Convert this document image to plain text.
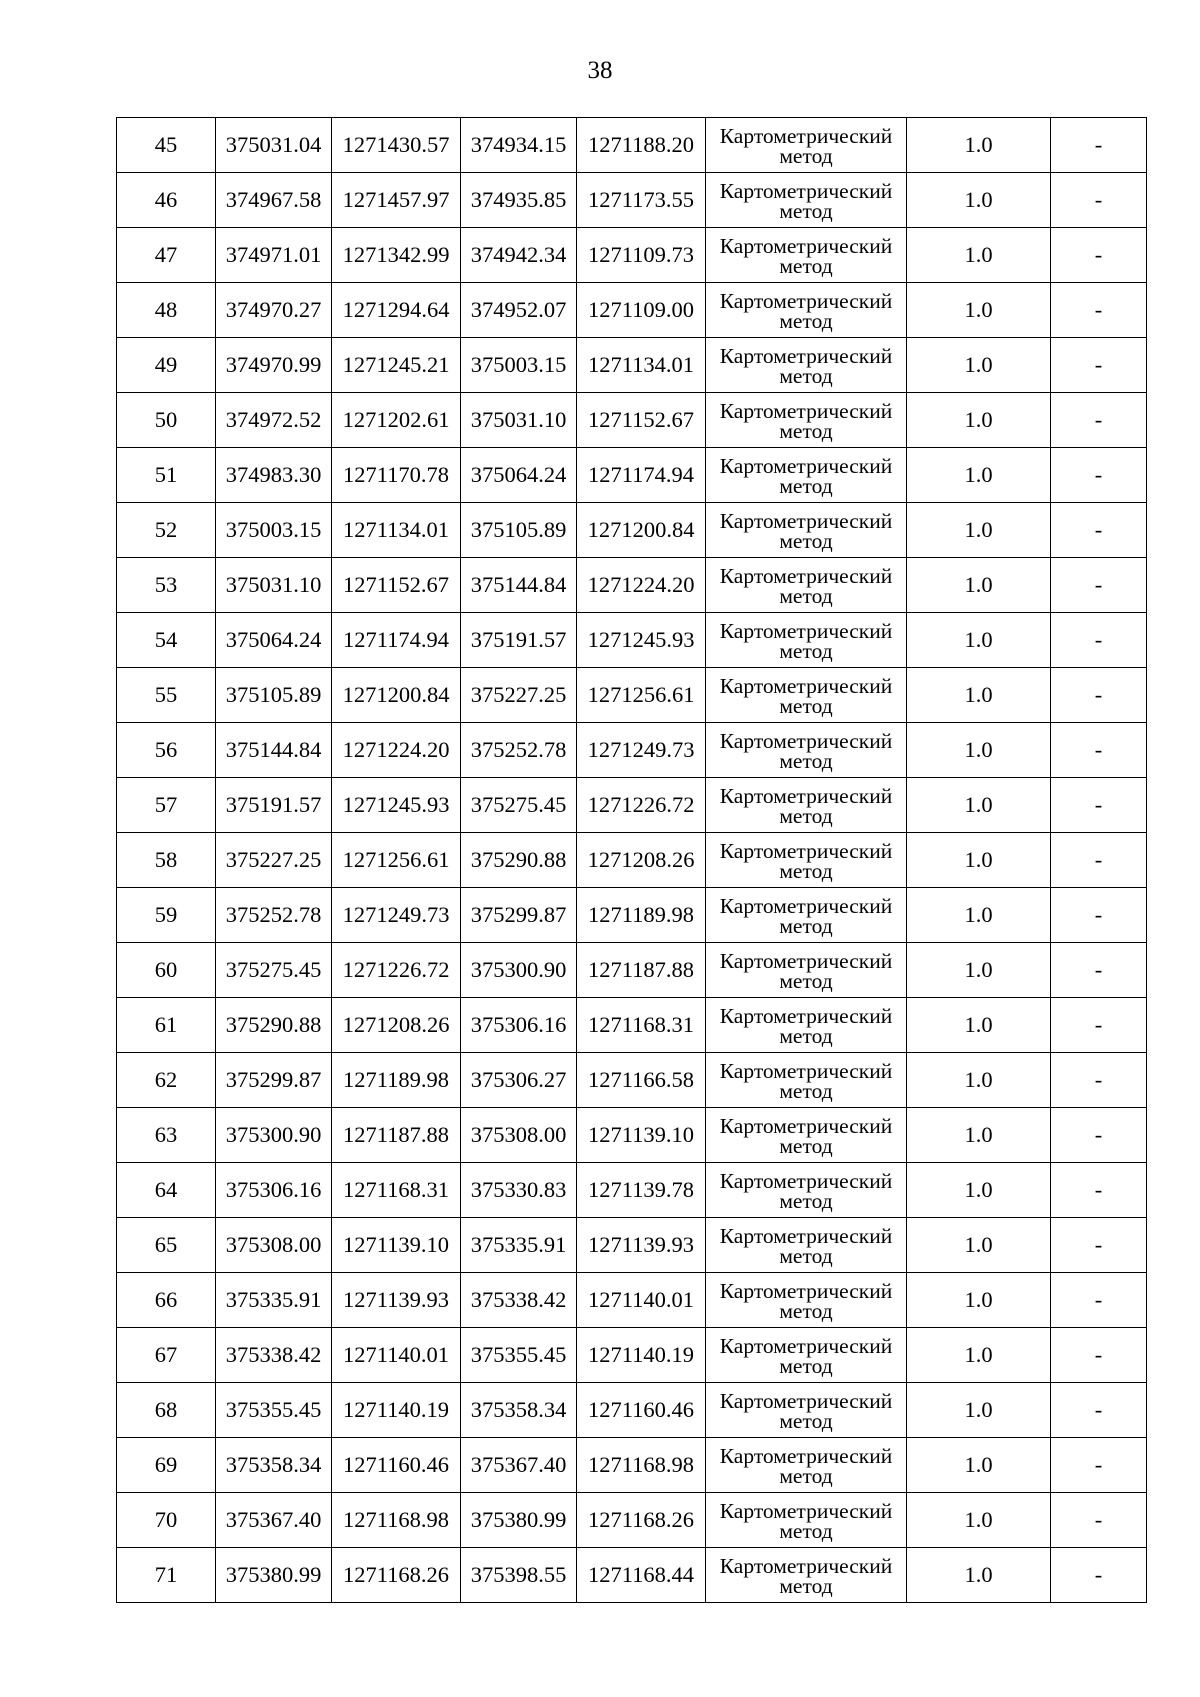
38
45	375031.04	1271430.57	374934.15	1271188.20	Картометрический
метод	1.0	-
46	374967.58	1271457.97	374935.85	1271173.55	Картометрический
метод	1.0	-
47	374971.01	1271342.99	374942.34	1271109.73	Картометрический
метод	1.0	-
48	374970.27	1271294.64	374952.07	1271109.00	Картометрический
метод	1.0	-
49	374970.99	1271245.21	375003.15	1271134.01	Картометрический
метод	1.0	-
50	374972.52	1271202.61	375031.10	1271152.67	Картометрический
метод	1.0	-
51	374983.30	1271170.78	375064.24	1271174.94	Картометрический
метод	1.0	-
52	375003.15	1271134.01	375105.89	1271200.84	Картометрический
метод	1.0	-
53	375031.10	1271152.67	375144.84	1271224.20	Картометрический
метод	1.0	-
54	375064.24	1271174.94	375191.57	1271245.93	Картометрический
метод	1.0	-
55	375105.89	1271200.84	375227.25	1271256.61	Картометрический
метод	1.0	-
56	375144.84	1271224.20	375252.78	1271249.73	Картометрический
метод	1.0	-
57	375191.57	1271245.93	375275.45	1271226.72	Картометрический
метод	1.0	-
58	375227.25	1271256.61	375290.88	1271208.26	Картометрический
метод	1.0	-
59	375252.78	1271249.73	375299.87	1271189.98	Картометрический
метод	1.0	-
60	375275.45	1271226.72	375300.90	1271187.88	Картометрический
метод	1.0	-
61	375290.88	1271208.26	375306.16	1271168.31	Картометрический
метод	1.0	-
62	375299.87	1271189.98	375306.27	1271166.58	Картометрический
метод	1.0	-
63	375300.90	1271187.88	375308.00	1271139.10	Картометрический
метод	1.0	-
64	375306.16	1271168.31	375330.83	1271139.78	Картометрический
метод	1.0	-
65	375308.00	1271139.10	375335.91	1271139.93	Картометрический
метод	1.0	-
66	375335.91	1271139.93	375338.42	1271140.01	Картометрический
метод	1.0	-
67	375338.42	1271140.01	375355.45	1271140.19	Картометрический
метод	1.0	-
68	375355.45	1271140.19	375358.34	1271160.46	Картометрический
метод	1.0	-
69	375358.34	1271160.46	375367.40	1271168.98	Картометрический
метод	1.0	-
70	375367.40	1271168.98	375380.99	1271168.26	Картометрический
метод	1.0	-
71	375380.99	1271168.26	375398.55	1271168.44	Картометрический
метод	1.0	-
